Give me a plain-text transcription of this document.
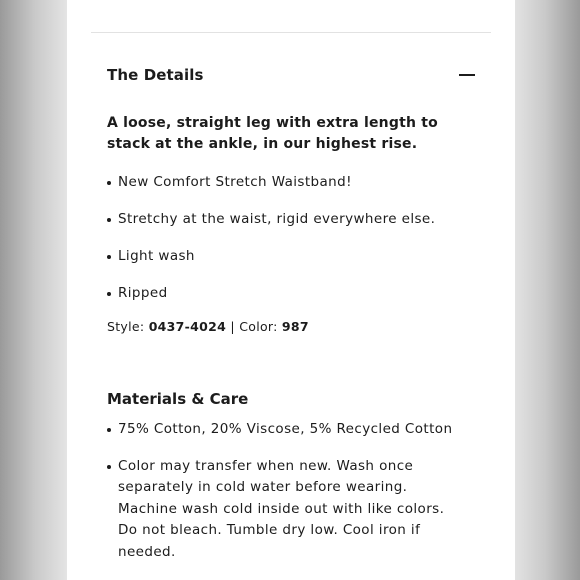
The Details

A loose, straight leg with extra length to stack at the ankle, in our highest rise.

New Comfort Stretch Waistband!
Stretchy at the waist, rigid everywhere else.
Light wash
Ripped
Style: 0437-4024 | Color: 987
Materials & Care
75% Cotton, 20% Viscose, 5% Recycled Cotton
Color may transfer when new. Wash once separately in cold water before wearing. Machine wash cold inside out with like colors. Do not bleach. Tumble dry low. Cool iron if needed.
